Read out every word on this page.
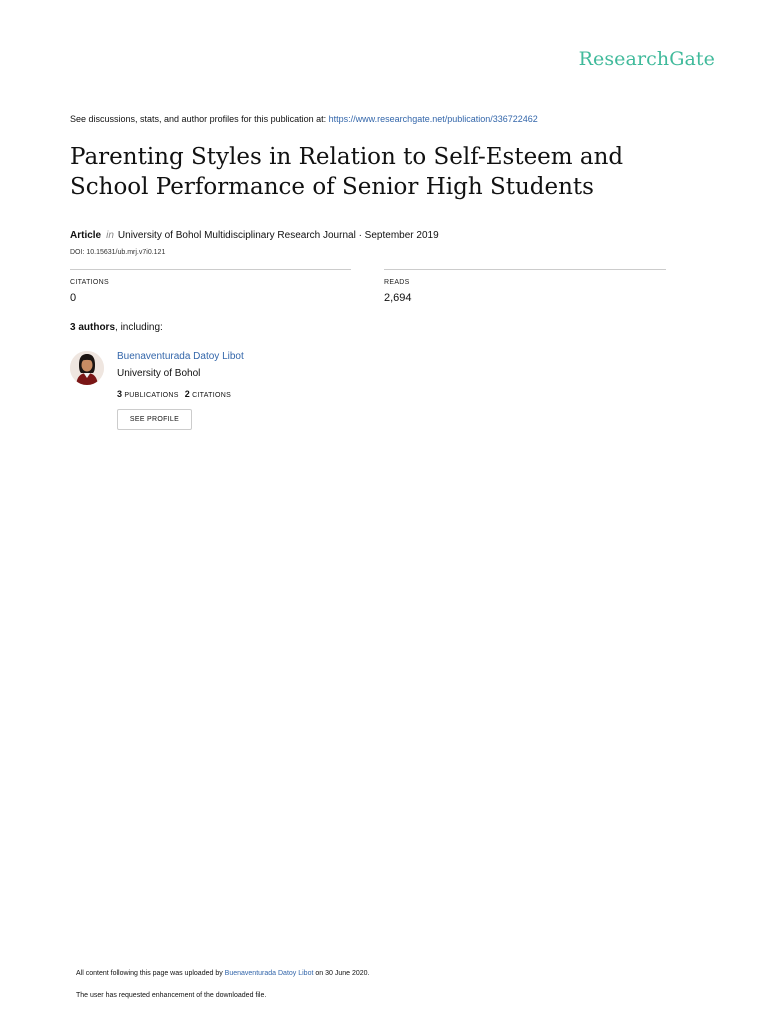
ResearchGate
See discussions, stats, and author profiles for this publication at: https://www.researchgate.net/publication/336722462
Parenting Styles in Relation to Self-Esteem and School Performance of Senior High Students
Article in University of Bohol Multidisciplinary Research Journal · September 2019
DOI: 10.15631/ub.mrj.v7i0.121
CITATIONS
0
READS
2,694
3 authors, including:
Buenaventurada Datoy Libot
University of Bohol
3 PUBLICATIONS 2 CITATIONS
SEE PROFILE
All content following this page was uploaded by Buenaventurada Datoy Libot on 30 June 2020.
The user has requested enhancement of the downloaded file.
